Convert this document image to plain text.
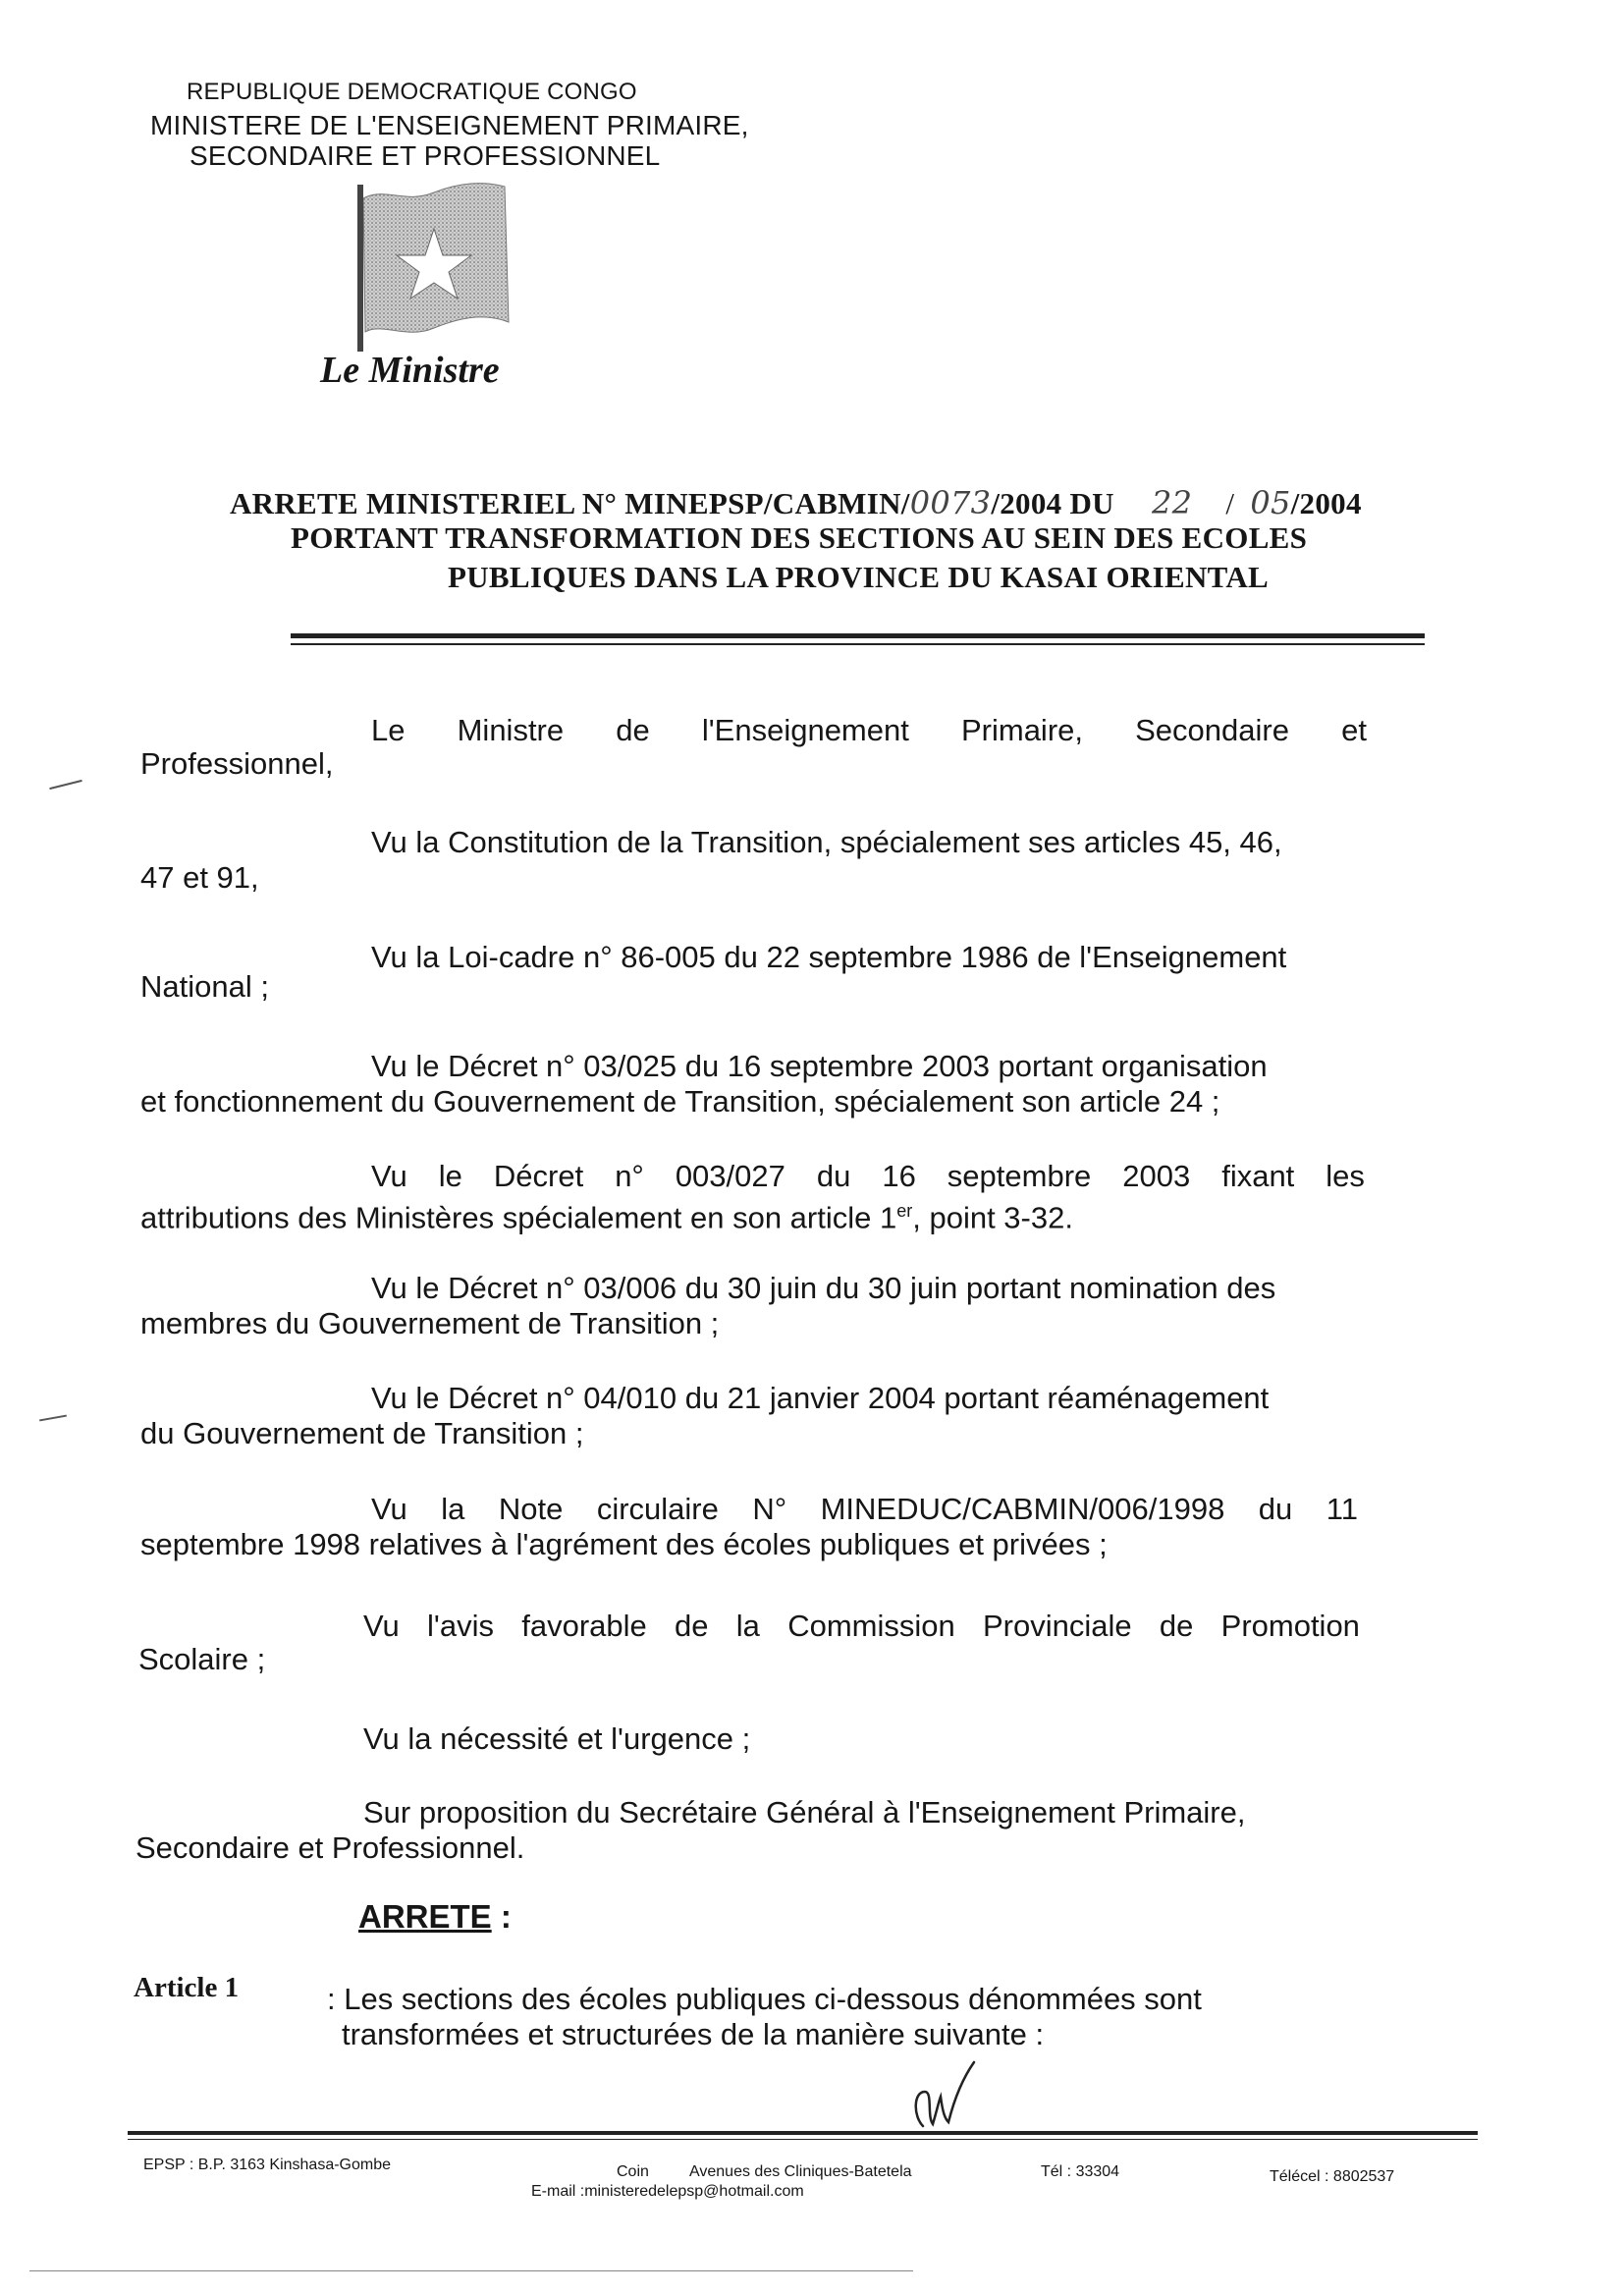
REPUBLIQUE DEMOCRATIQUE CONGO
MINISTERE DE L'ENSEIGNEMENT PRIMAIRE,
SECONDAIRE ET PROFESSIONNEL
Le Ministre
ARRETE MINISTERIEL N° MINEPSP/CABMIN/0073/2004 DU 22 / 05/2004
PORTANT TRANSFORMATION DES SECTIONS AU SEIN DES ECOLES
PUBLIQUES DANS LA PROVINCE DU KASAI ORIENTAL
Le Ministre de l'Enseignement Primaire, Secondaire et
Professionnel,
Vu la Constitution de la Transition, spécialement ses articles 45, 46,
47 et 91,
Vu la Loi-cadre n° 86-005 du 22 septembre 1986 de l'Enseignement
National ;
Vu le Décret n° 03/025 du 16 septembre 2003 portant organisation
et fonctionnement du Gouvernement de Transition, spécialement son article 24 ;
Vu le Décret n° 003/027 du 16 septembre 2003 fixant les
attributions des Ministères spécialement en son article 1er, point 3-32.
Vu le Décret n° 03/006 du 30 juin du 30 juin portant nomination des
membres du Gouvernement de Transition ;
Vu le Décret n° 04/010 du 21 janvier 2004 portant réaménagement
du Gouvernement de Transition ;
Vu la Note circulaire N° MINEDUC/CABMIN/006/1998 du 11
septembre 1998 relatives à l'agrément des écoles publiques et privées ;
Vu l'avis favorable de la Commission Provinciale de Promotion
Scolaire ;
Vu la nécessité et l'urgence ;
Sur proposition du Secrétaire Général à l'Enseignement Primaire,
Secondaire et Professionnel.
ARRETE :
Article 1	: Les sections des écoles publiques ci-dessous dénommées sont
transformées et structurées de la manière suivante :
EPSP : B.P. 3163 Kinshasa-Gombe	Coin	Avenues des Cliniques-Batetela	Tél : 33304	Télécel : 8802537
E-mail :ministeredelepsp@hotmail.com
